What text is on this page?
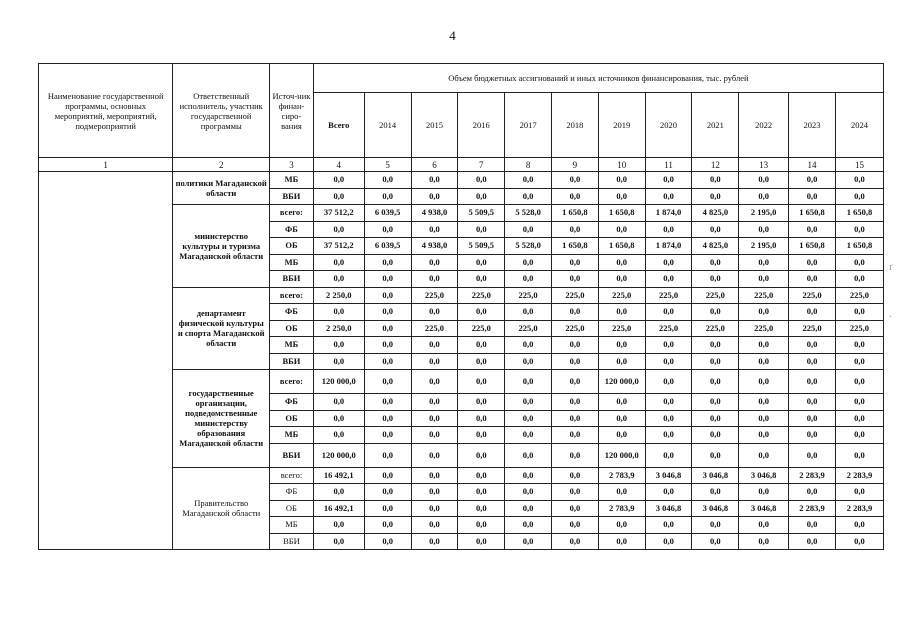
4
Наименование государственной программы, основных мероприятий, мероприятий, подмероприятий	Ответственный исполнитель, участник государственной программы	Источ-ник финан-сиро-вания	Объем бюджетных ассигнований и иных источников финансирования, тыс. рублей											
			Всего	2014	2015	2016	2017	2018	2019	2020	2021	2022	2023	2024
1	2	3	4	5	6	7	8	9	10	11	12	13	14	15
	политики Магаданской области	МБ	0,0	0,0	0,0	0,0	0,0	0,0	0,0	0,0	0,0	0,0	0,0	0,0
		ВБИ	0,0	0,0	0,0	0,0	0,0	0,0	0,0	0,0	0,0	0,0	0,0	0,0
	министерство культуры и туризма Магаданской области	всего:	37 512,2	6 039,5	4 938,0	5 509,5	5 528,0	1 650,8	1 650,8	1 874,0	4 825,0	2 195,0	1 650,8	1 650,8
		ФБ	0,0	0,0	0,0	0,0	0,0	0,0	0,0	0,0	0,0	0,0	0,0	0,0
		ОБ	37 512,2	6 039,5	4 938,0	5 509,5	5 528,0	1 650,8	1 650,8	1 874,0	4 825,0	2 195,0	1 650,8	1 650,8
		МБ	0,0	0,0	0,0	0,0	0,0	0,0	0,0	0,0	0,0	0,0	0,0	0,0
		ВБИ	0,0	0,0	0,0	0,0	0,0	0,0	0,0	0,0	0,0	0,0	0,0	0,0
	департамент физической культуры и спорта Магаданской области	всего:	2 250,0	0,0	225,0	225,0	225,0	225,0	225,0	225,0	225,0	225,0	225,0	225,0
		ФБ	0,0	0,0	0,0	0,0	0,0	0,0	0,0	0,0	0,0	0,0	0,0	0,0
		ОБ	2 250,0	0,0	225,0	225,0	225,0	225,0	225,0	225,0	225,0	225,0	225,0	225,0
		МБ	0,0	0,0	0,0	0,0	0,0	0,0	0,0	0,0	0,0	0,0	0,0	0,0
		ВБИ	0,0	0,0	0,0	0,0	0,0	0,0	0,0	0,0	0,0	0,0	0,0	0,0
	государственные организации, подведомственные министерству образования Магаданской области	всего:	120 000,0	0,0	0,0	0,0	0,0	0,0	120 000,0	0,0	0,0	0,0	0,0	0,0
		ФБ	0,0	0,0	0,0	0,0	0,0	0,0	0,0	0,0	0,0	0,0	0,0	0,0
		ОБ	0,0	0,0	0,0	0,0	0,0	0,0	0,0	0,0	0,0	0,0	0,0	0,0
		МБ	0,0	0,0	0,0	0,0	0,0	0,0	0,0	0,0	0,0	0,0	0,0	0,0
		ВБИ	120 000,0	0,0	0,0	0,0	0,0	0,0	120 000,0	0,0	0,0	0,0	0,0	0,0
	Правительство Магаданской области	всего:	16 492,1	0,0	0,0	0,0	0,0	0,0	2 783,9	3 046,8	3 046,8	3 046,8	2 283,9	2 283,9
		ФБ	0,0	0,0	0,0	0,0	0,0	0,0	0,0	0,0	0,0	0,0	0,0	0,0
		ОБ	16 492,1	0,0	0,0	0,0	0,0	0,0	2 783,9	3 046,8	3 046,8	3 046,8	2 283,9	2 283,9
		МБ	0,0	0,0	0,0	0,0	0,0	0,0	0,0	0,0	0,0	0,0	0,0	0,0
		ВБИ	0,0	0,0	0,0	0,0	0,0	0,0	0,0	0,0	0,0	0,0	0,0	0,0
ґ
·
